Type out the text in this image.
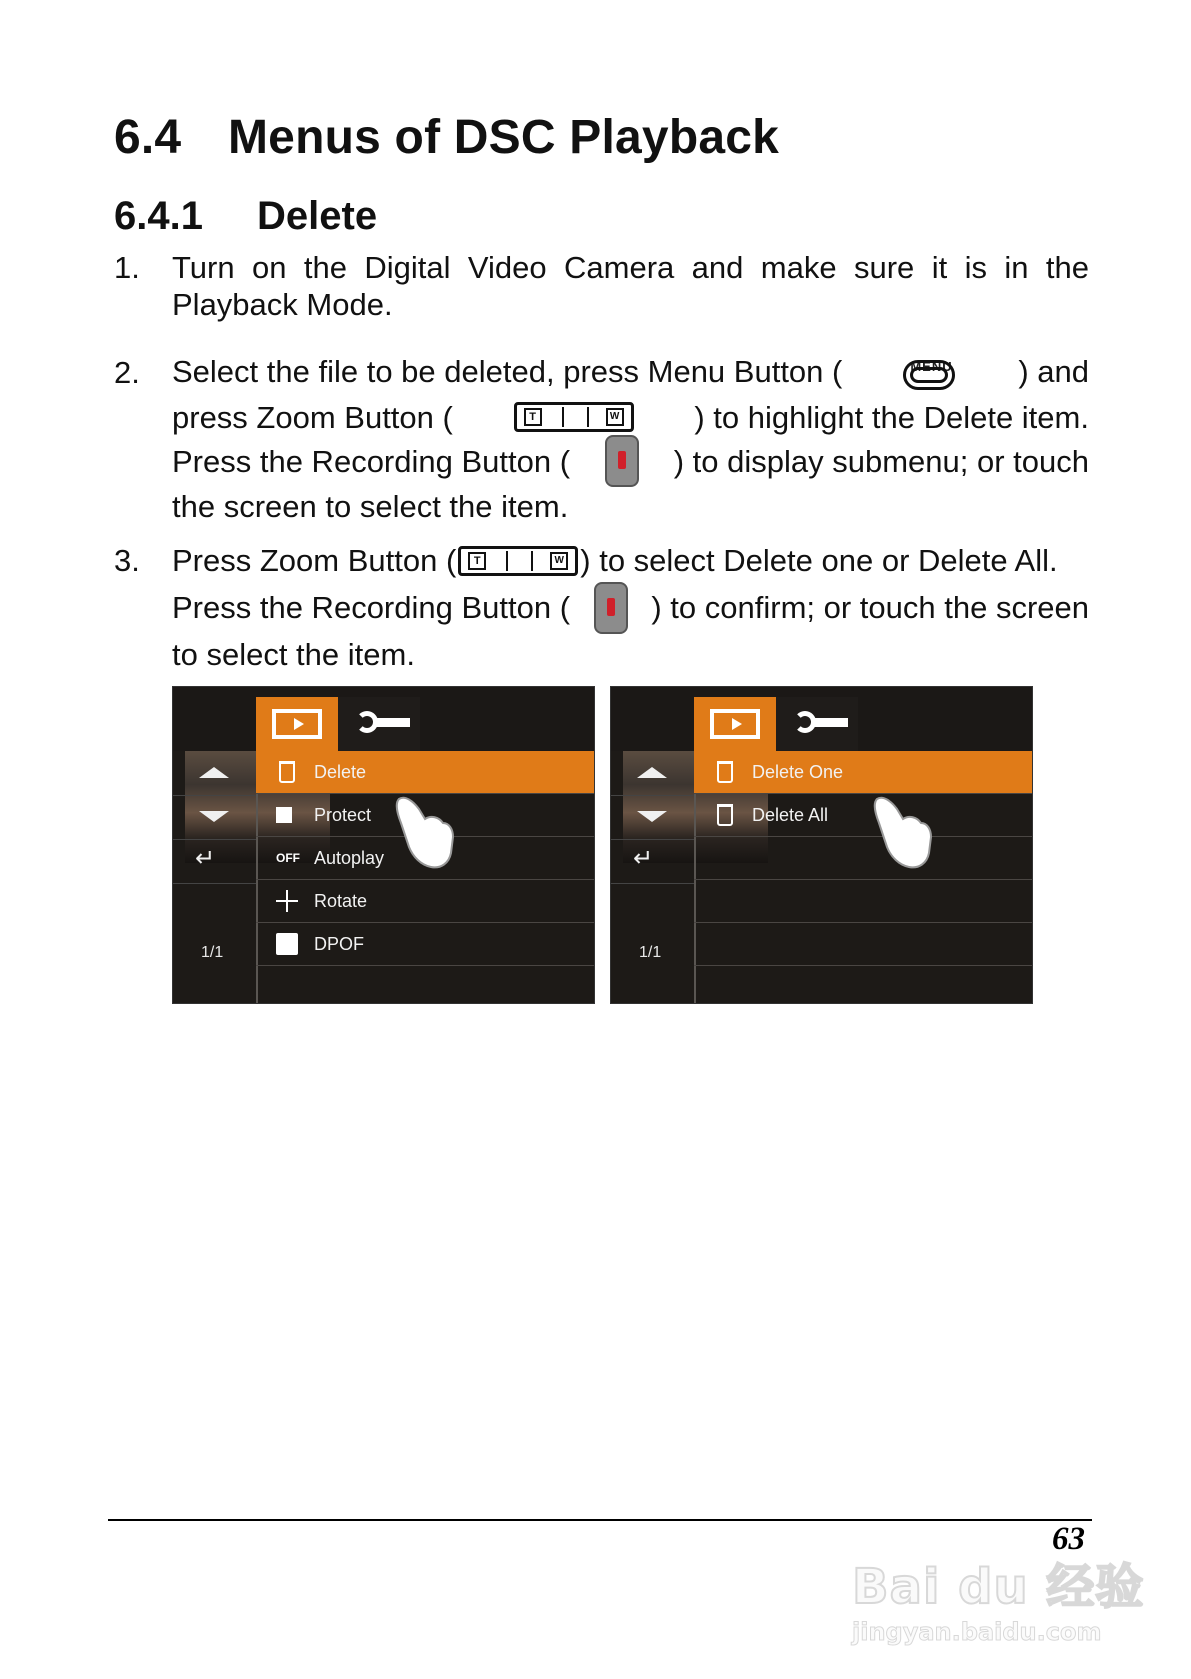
6.4 Menus of DSC Playback
6.4.1 Delete
1. Turn on the Digital Video Camera and make sure it is in the
Playback Mode.
2. Select the file to be deleted, press Menu Button (	MENU ) and
press Zoom Button (	T	W ) to highlight the Delete item.
Press the Recording Button (	) to display submenu; or touch
the screen to select the item.
3. Press Zoom Button (	T	W ) to select Delete one or Delete All.
Press the Recording Button (	) to confirm; or touch the screen
to select the item.
↵
1/1
Delete
Protect
OFF Autoplay
Rotate
DPOF
↵
1/1
Delete One
Delete All
Bai du 经验
jingyan.baidu.com
63
